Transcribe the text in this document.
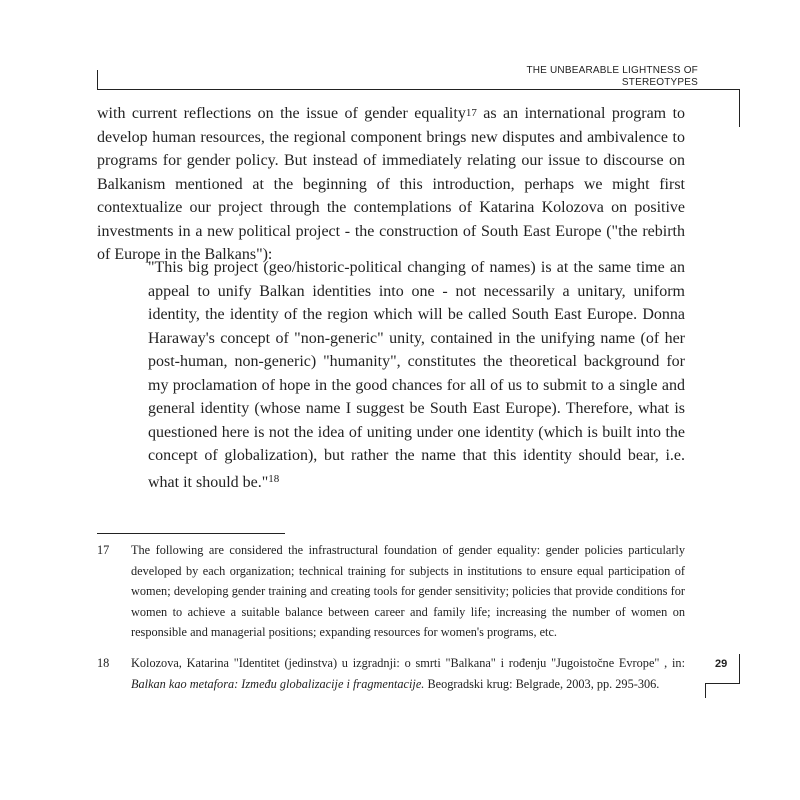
THE UNBEARABLE LIGHTNESS OF
STEREOTYPES

with current reflections on the issue of gender equality17 as an international program to develop human resources, the regional component brings new disputes and ambivalence to programs for gender policy. But instead of immediately relating our issue to discourse on Balkanism mentioned at the beginning of this introduction, perhaps we might first contextualize our project through the contemplations of Katarina Kolozova on positive investments in a new political project - the construction of South East Europe ("the rebirth of Europe in the Balkans"):

"This big project (geo/historic-political changing of names) is at the same time an appeal to unify Balkan identities into one - not necessarily a unitary, uniform identity, the identity of the region which will be called South East Europe. Donna Haraway's concept of "non-generic" unity, contained in the unifying name (of her post-human, non-generic) "humanity", constitutes the theoretical background for my proclamation of hope in the good chances for all of us to submit to a single and general identity (whose name I suggest be South East Europe). Therefore, what is questioned here is not the idea of uniting under one identity (which is built into the concept of globalization), but rather the name that this identity should bear, i.e. what it should be."$^{18}$

17 The following are considered the infrastructural foundation of gender equality: gender policies particularly developed by each organization; technical training for subjects in institutions to ensure equal participation of women; developing gender training and creating tools for gender sensitivity; policies that provide conditions for women to achieve a suitable balance between career and family life; increasing the number of women on responsible and managerial positions; expanding resources for women's programs, etc.
18 Kolozova, Katarina "Identitet (jedinstva) u izgradnji: o smrti "Balkana" i rođenju "Jugoistočne Evrope" , in: Balkan kao metafora: Između globalizacije i fragmentacije. Beogradski krug: Belgrade, 2003, pp. 295-306.
29
